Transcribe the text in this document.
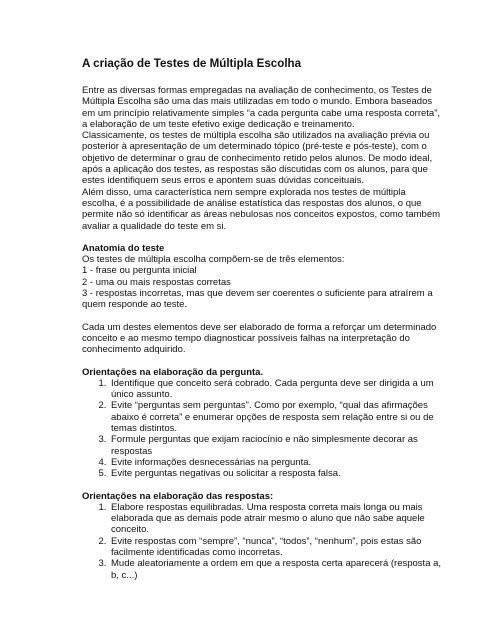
A criação de Testes de Múltipla Escolha

Entre as diversas formas empregadas na avaliação de conhecimento, os Testes de Múltipla Escolha são uma das mais utilizadas em todo o mundo. Embora baseados em um princípio relativamente simples “a cada pergunta cabe uma resposta correta”, a elaboração de um teste efetivo exige dedicação e treinamento.

Classicamente, os testes de múltipla escolha são utilizados na avaliação prévia ou posterior à apresentação de um determinado tópico (pré-teste e pós-teste), com o objetivo de determinar o grau de conhecimento retido pelos alunos. De modo ideal, após a aplicação dos testes, as respostas são discutidas com os alunos, para que estes identifiquem seus erros e apontem suas dúvidas conceituais.

Além disso, uma característica nem sempre explorada nos testes de múltipla escolha, é a possibilidade de análise estatística das respostas dos alunos, o que permite não só identificar as áreas nebulosas nos conceitos expostos, como também avaliar a qualidade do teste em si.

Anatomia do teste

Os testes de múltipla escolha compõem-se de três elementos:

1 - frase ou pergunta inicial

2 - uma ou mais respostas corretas

3 - respostas incorretas, mas que devem ser coerentes o suficiente para atraírem a quem responde ao teste.

Cada um destes elementos deve ser elaborado de forma a reforçar um determinado conceito e ao mesmo tempo diagnosticar possíveis falhas na interpretação do conhecimento adquirido.

Orientações na elaboração da pergunta.

1. Identifique que conceito será cobrado. Cada pergunta deve ser dirigida a um único assunto.
2. Evite “perguntas sem perguntas”. Como por exemplo, “qual das afirmações abaixo é correta” e enumerar opções de resposta sem relação entre si ou de temas distintos.
3. Formule perguntas que exijam raciocínio e não simplesmente decorar as respostas
4. Evite informações desnecessárias na pergunta.
5. Evite perguntas negativas ou solicitar a resposta falsa.

Orientações na elaboração das respostas:

1. Elabore respostas equilibradas. Uma resposta correta mais longa ou mais elaborada que as demais pode atrair mesmo o aluno que não sabe aquele conceito.
2. Evite respostas com “sempre”, “nunca”, “todos”, “nenhum”, pois estas são facilmente identificadas como incorretas.
3. Mude aleatoriamente a ordem em que a resposta certa aparecerá (resposta a, b, c...)
